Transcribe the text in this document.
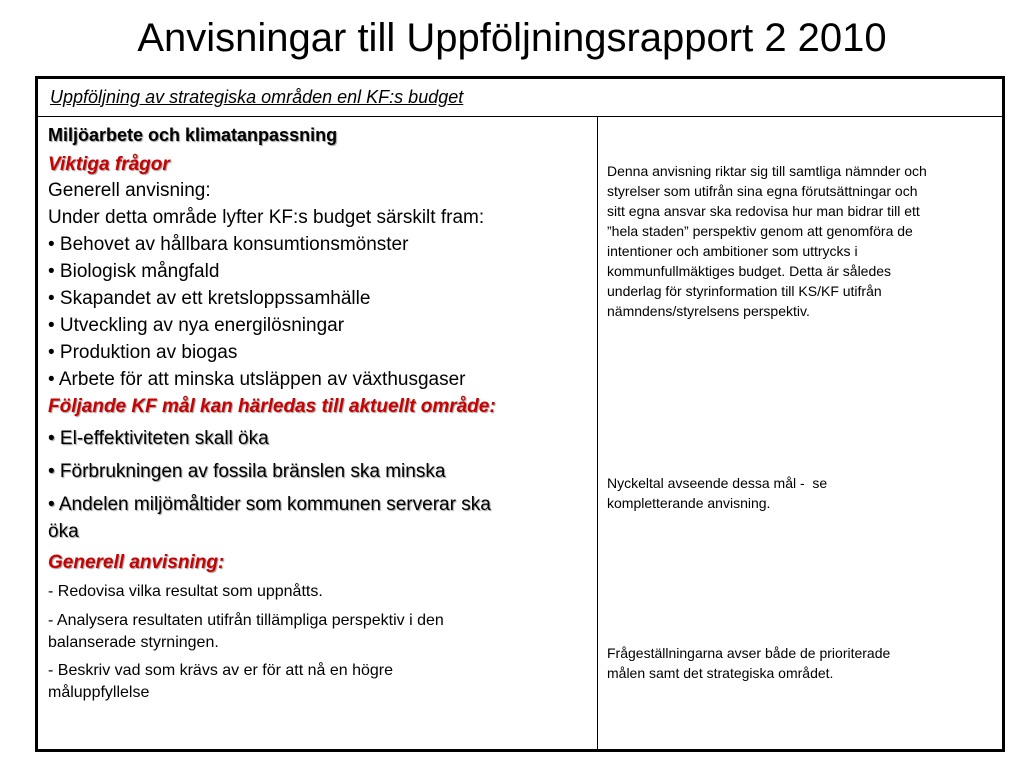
Anvisningar till Uppföljningsrapport 2 2010
Uppföljning av strategiska områden enl KF:s budget
Miljöarbete och klimatanpassning
Viktiga frågor
Generell anvisning:
Under detta område lyfter KF:s budget särskilt fram:
• Behovet av hållbara konsumtionsmönster
• Biologisk mångfald
• Skapandet av ett kretsloppssamhälle
• Utveckling av nya energilösningar
• Produktion av biogas
• Arbete för att minska utsläppen av växthusgaser
Följande KF mål kan härledas till aktuellt område:
• El-effektiviteten skall öka
• Förbrukningen av fossila bränslen ska minska
• Andelen miljömåltider som kommunen serverar ska
öka
Generell anvisning:
- Redovisa vilka resultat som uppnåtts.
- Analysera resultaten utifrån tillämpliga perspektiv i den
balanserade styrningen.
- Beskriv vad som krävs av er för att nå en högre
måluppfyllelse
Denna anvisning riktar sig till samtliga nämnder och
styrelser som utifrån sina egna förutsättningar och
sitt egna ansvar ska redovisa hur man bidrar till ett
”hela staden” perspektiv genom att genomföra de
intentioner och ambitioner som uttrycks i
kommunfullmäktiges budget. Detta är således
underlag för styrinformation till KS/KF utifrån
nämndens/styrelsens perspektiv.
Nyckeltal avseende dessa mål -  se
kompletterande anvisning.
Frågeställningarna avser både de prioriterade
målen samt det strategiska området.
